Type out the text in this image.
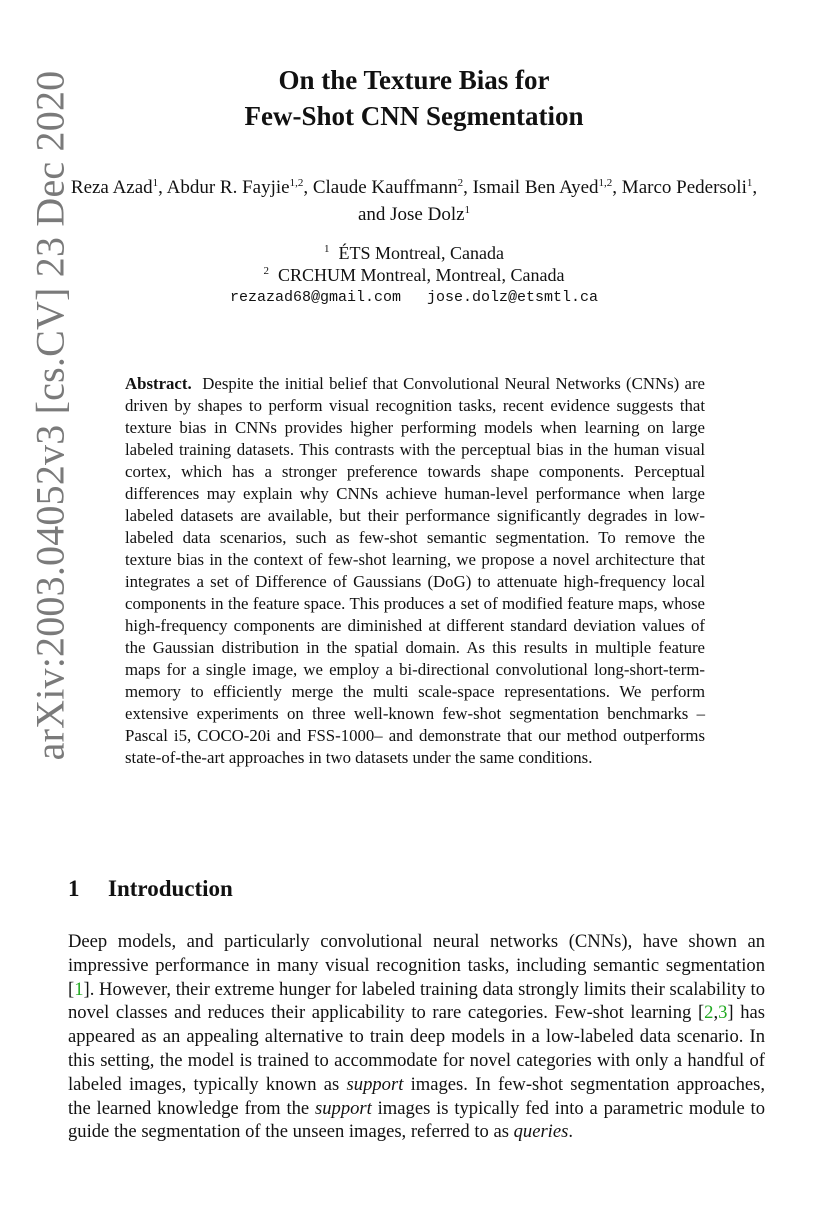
arXiv:2003.04052v3 [cs.CV] 23 Dec 2020	On the Texture Bias for
Few-Shot CNN Segmentation
Reza Azad$^1$, Abdur R. Fayjie$^{1,2}$, Claude Kauffmann$^2$, Ismail Ben Ayed$^{1,2}$, Marco Pedersoli$^1$, and Jose Dolz$^1$
$^1$ ÉTS Montreal, Canada
$^2$ CRCHUM Montreal, Montreal, Canada
rezazad68@gmail.com jose.dolz@etsmtl.ca
Abstract. Despite the initial belief that Convolutional Neural Networks (CNNs) are driven by shapes to perform visual recognition tasks, recent evidence suggests that texture bias in CNNs provides higher performing models when learning on large labeled training datasets. This contrasts with the perceptual bias in the human visual cortex, which has a stronger preference towards shape components. Perceptual differences may explain why CNNs achieve human-level performance when large labeled datasets are available, but their performance significantly degrades in low-labeled data scenarios, such as few-shot semantic segmentation. To remove the texture bias in the context of few-shot learning, we propose a novel architecture that integrates a set of Difference of Gaussians (DoG) to attenuate high-frequency local components in the feature space. This produces a set of modified feature maps, whose high-frequency components are diminished at different standard deviation values of the Gaussian distribution in the spatial domain. As this results in multiple feature maps for a single image, we employ a bi-directional convolutional long-short-term-memory to efficiently merge the multi scale-space representations. We perform extensive experiments on three well-known few-shot segmentation benchmarks –Pascal i5, COCO-20i and FSS-1000– and demonstrate that our method outperforms state-of-the-art approaches in two datasets under the same conditions.
1 Introduction
Deep models, and particularly convolutional neural networks (CNNs), have shown an impressive performance in many visual recognition tasks, including semantic segmentation [1]. However, their extreme hunger for labeled training data strongly limits their scalability to novel classes and reduces their applicability to rare categories. Few-shot learning [2,3] has appeared as an appealing alternative to train deep models in a low-labeled data scenario. In this setting, the model is trained to accommodate for novel categories with only a handful of labeled images, typically known as support images. In few-shot segmentation approaches, the learned knowledge from the support images is typically fed into a parametric module to guide the segmentation of the unseen images, referred to as queries.
